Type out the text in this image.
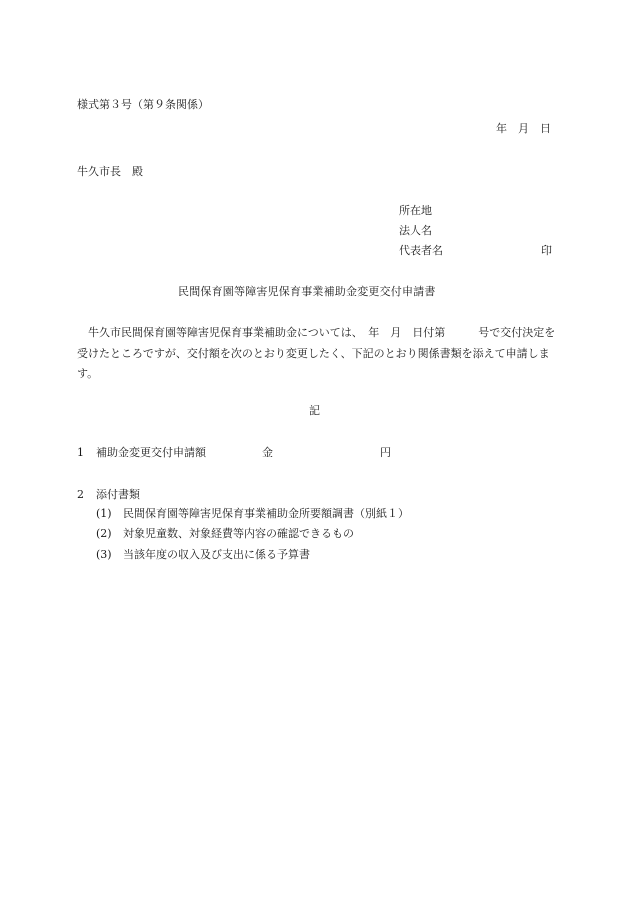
様式第３号（第９条関係）
年　月　日
牛久市長　殿
所在地
法人名
代表者名	印
民間保育園等障害児保育事業補助金変更交付申請書
牛久市民間保育園等障害児保育事業補助金については、　年　月　日付第　　　号で交付決定を受けたところですが、交付額を次のとおり変更したく、下記のとおり関係書類を添えて申請します。
記
1 補助金変更交付申請額	金	円
2 添付書類
(1) 民間保育園等障害児保育事業補助金所要額調書（別紙１）
(2) 対象児童数、対象経費等内容の確認できるもの
(3) 当該年度の収入及び支出に係る予算書
